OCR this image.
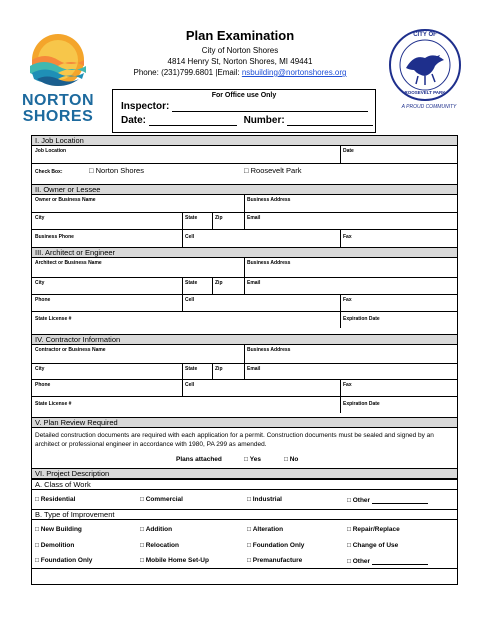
NORTON
SHORES
CITY OF
ROOSEVELT PARK
A PROUD COMMUNITY
Plan Examination
City of Norton Shores
4814 Henry St, Norton Shores, MI 49441
Phone: (231)799.6801 |Email: nsbuilding@nortonshores.org
For Office use Only
Inspector:
Date:	Number:
I. Job Location
Job Location	Date
Check Box:	□ Norton Shores	□ Roosevelt Park
II. Owner or Lessee
Owner or Business Name	Business Address
City	State	Zip	Email
Business Phone	Cell	Fax
III. Architect or Engineer
Architect or Business Name	Business Address
City	State	Zip	Email
Phone	Cell	Fax
State License #	Expiration Date
IV. Contractor Information
Contractor or Business Name	Business Address
City	State	Zip	Email
Phone	Cell	Fax
State License #	Expiration Date
V. Plan Review Required
Detailed construction documents are required with each application for a permit. Construction documents must be sealed and signed by an architect or professional engineer in accordance with 1980, PA 299 as amended.
Plans attached	□ Yes	□ No
VI. Project Description
A. Class of Work
□ Residential	□ Commercial	□ Industrial	□ Other
B. Type of Improvement
□ New Building	□ Addition	□ Alteration	□ Repair/Replace
□ Demolition	□ Relocation	□ Foundation Only	□ Change of Use
□ Foundation Only	□ Mobile Home Set-Up	□ Premanufacture	□ Other
